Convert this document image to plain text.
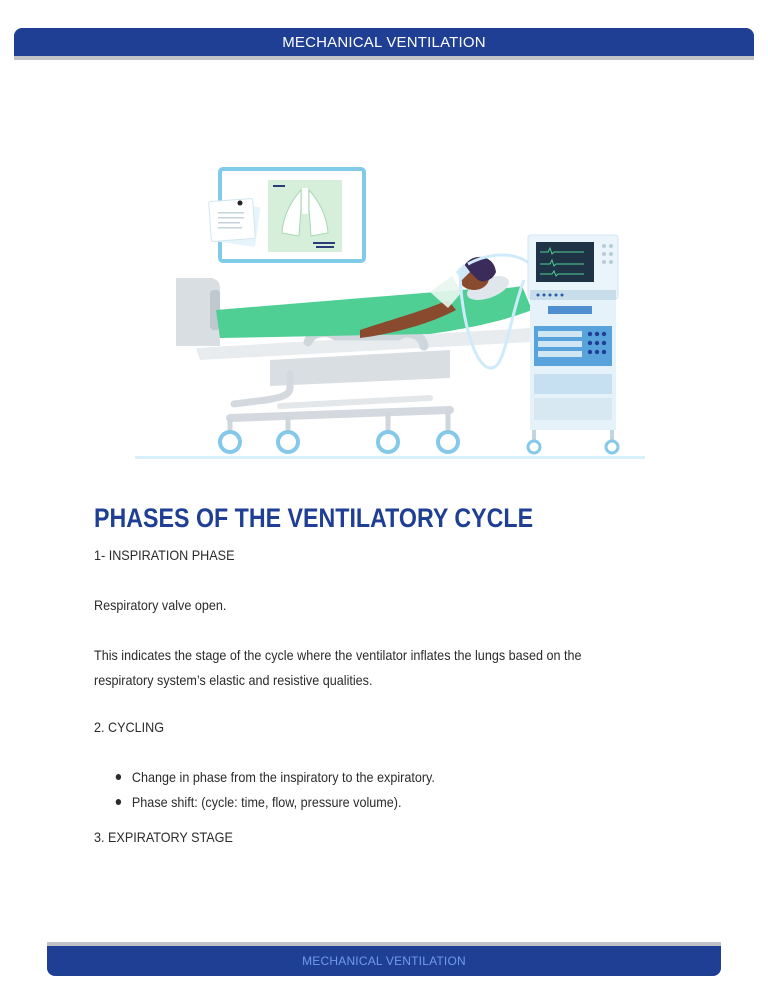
MECHANICAL VENTILATION
PHASES OF THE VENTILATORY CYCLE

1- INSPIRATION PHASE

Respiratory valve open.

This indicates the stage of the cycle where the ventilator inflates the lungs based on the respiratory system’s elastic and resistive qualities.

2. CYCLING

Change in phase from the inspiratory to the expiratory.
Phase shift: (cycle: time, flow, pressure volume).

3. EXPIRATORY STAGE

MECHANICAL VENTILATION
